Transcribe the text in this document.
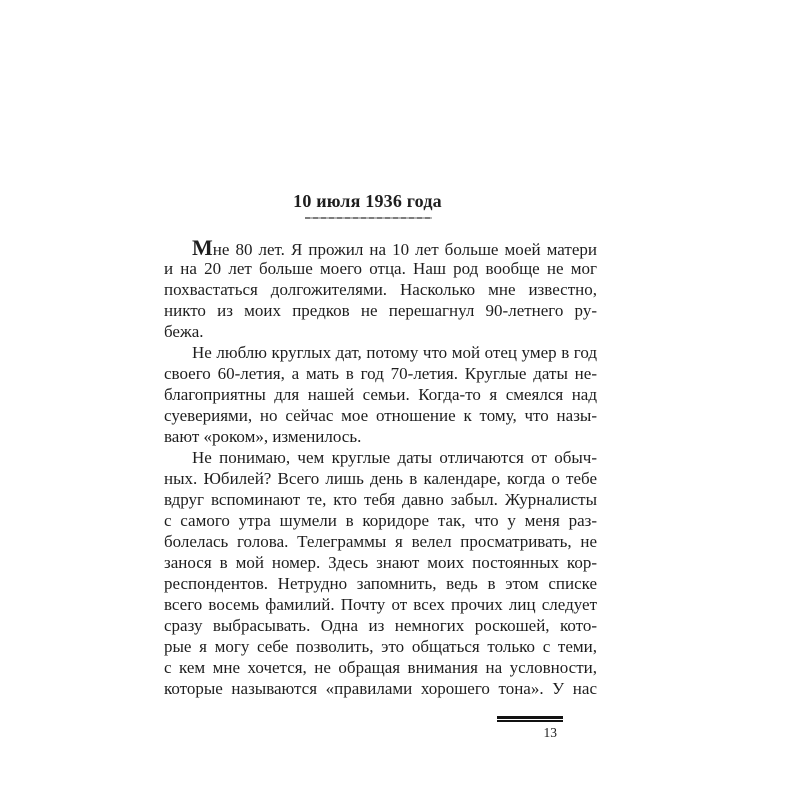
10 июля 1936 года
Мне 80 лет. Я прожил на 10 лет больше моей матери
и на 20 лет больше моего отца. Наш род вообще не мог
похвастаться долгожителями. Насколько мне известно,
никто из моих предков не перешагнул 90-летнего ру-
бежа.
Не люблю круглых дат, потому что мой отец умер в год
своего 60-летия, а мать в год 70-летия. Круглые даты не-
благоприятны для нашей семьи. Когда-то я смеялся над
суевериями, но сейчас мое отношение к тому, что назы-
вают «роком», изменилось.
Не понимаю, чем круглые даты отличаются от обыч-
ных. Юбилей? Всего лишь день в календаре, когда о тебе
вдруг вспоминают те, кто тебя давно забыл. Журналисты
с самого утра шумели в коридоре так, что у меня раз-
болелась голова. Телеграммы я велел просматривать, не
занося в мой номер. Здесь знают моих постоянных кор-
респондентов. Нетрудно запомнить, ведь в этом списке
всего восемь фамилий. Почту от всех прочих лиц следует
сразу выбрасывать. Одна из немногих роскошей, кото-
рые я могу себе позволить, это общаться только с теми,
с кем мне хочется, не обращая внимания на условности,
которые называются «правилами хорошего тона». У нас
13
